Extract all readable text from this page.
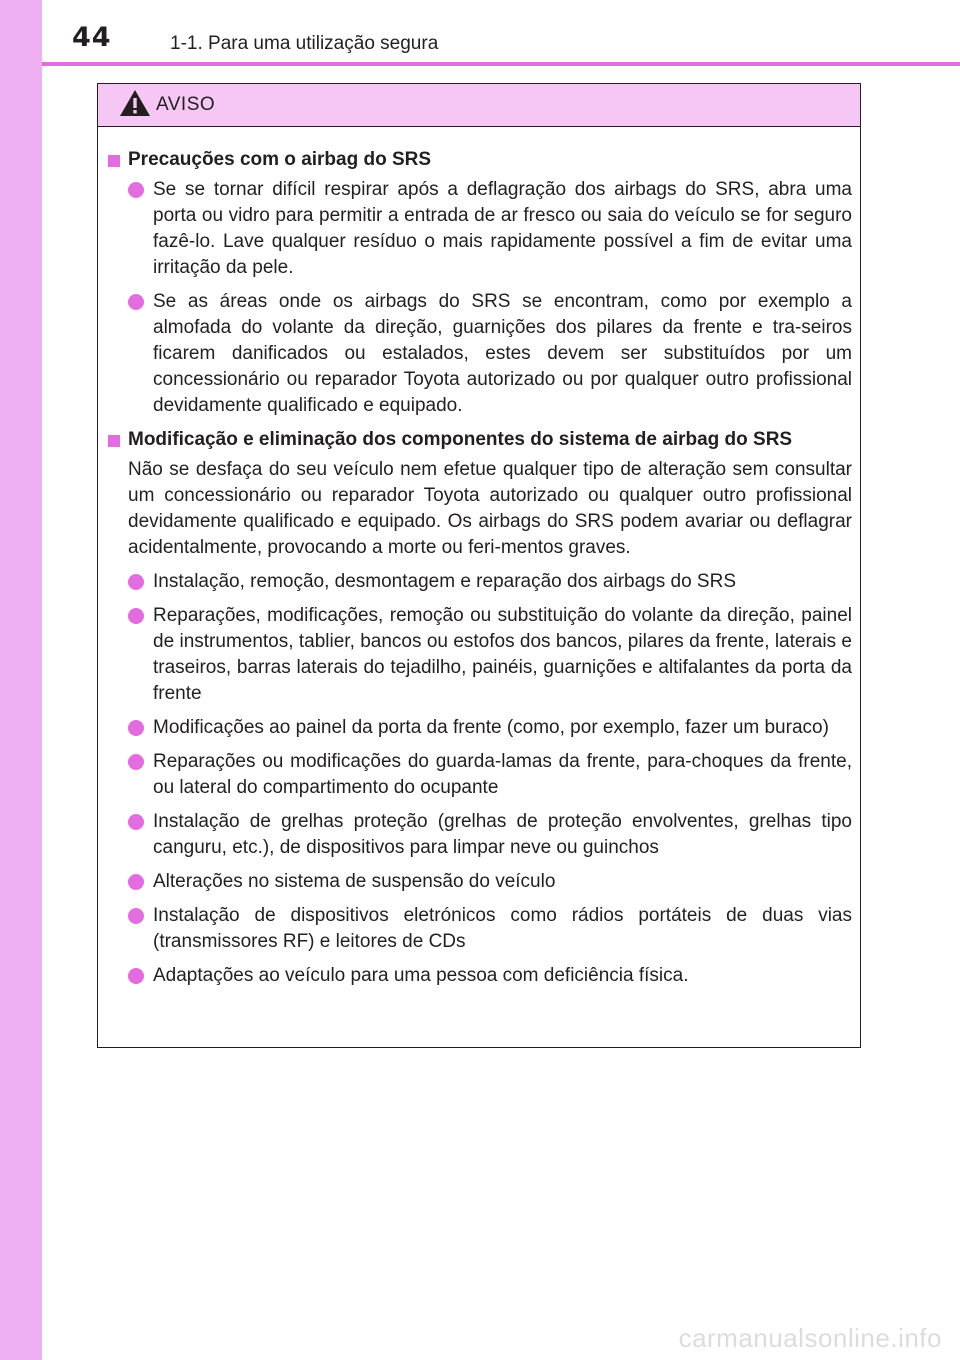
44	1-1. Para uma utilização segura
AVISO
Precauções com o airbag do SRS
Se se tornar difícil respirar após a deflagração dos airbags do SRS, abra uma porta ou vidro para permitir a entrada de ar fresco ou saia do veículo se for seguro fazê-lo. Lave qualquer resíduo o mais rapidamente possível a fim de evitar uma irritação da pele.
Se as áreas onde os airbags do SRS se encontram, como por exemplo a almofada do volante da direção, guarnições dos pilares da frente e tra-seiros ficarem danificados ou estalados, estes devem ser substituídos por um concessionário ou reparador Toyota autorizado ou por qualquer outro profissional devidamente qualificado e equipado.
Modificação e eliminação dos componentes do sistema de airbag do SRS
Não se desfaça do seu veículo nem efetue qualquer tipo de alteração sem consultar um concessionário ou reparador Toyota autorizado ou qualquer outro profissional devidamente qualificado e equipado. Os airbags do SRS podem avariar ou deflagrar acidentalmente, provocando a morte ou feri-mentos graves.
Instalação, remoção, desmontagem e reparação dos airbags do SRS
Reparações, modificações, remoção ou substituição do volante da direção, painel de instrumentos, tablier, bancos ou estofos dos bancos, pilares da frente, laterais e traseiros, barras laterais do tejadilho, painéis, guarnições e altifalantes da porta da frente
Modificações ao painel da porta da frente (como, por exemplo, fazer um buraco)
Reparações ou modificações do guarda-lamas da frente, para-choques da frente, ou lateral do compartimento do ocupante
Instalação de grelhas proteção (grelhas de proteção envolventes, grelhas tipo canguru, etc.), de dispositivos para limpar neve ou guinchos
Alterações no sistema de suspensão do veículo
Instalação de dispositivos eletrónicos como rádios portáteis de duas vias (transmissores RF) e leitores de CDs
Adaptações ao veículo para uma pessoa com deficiência física.
carmanualsonline.info
